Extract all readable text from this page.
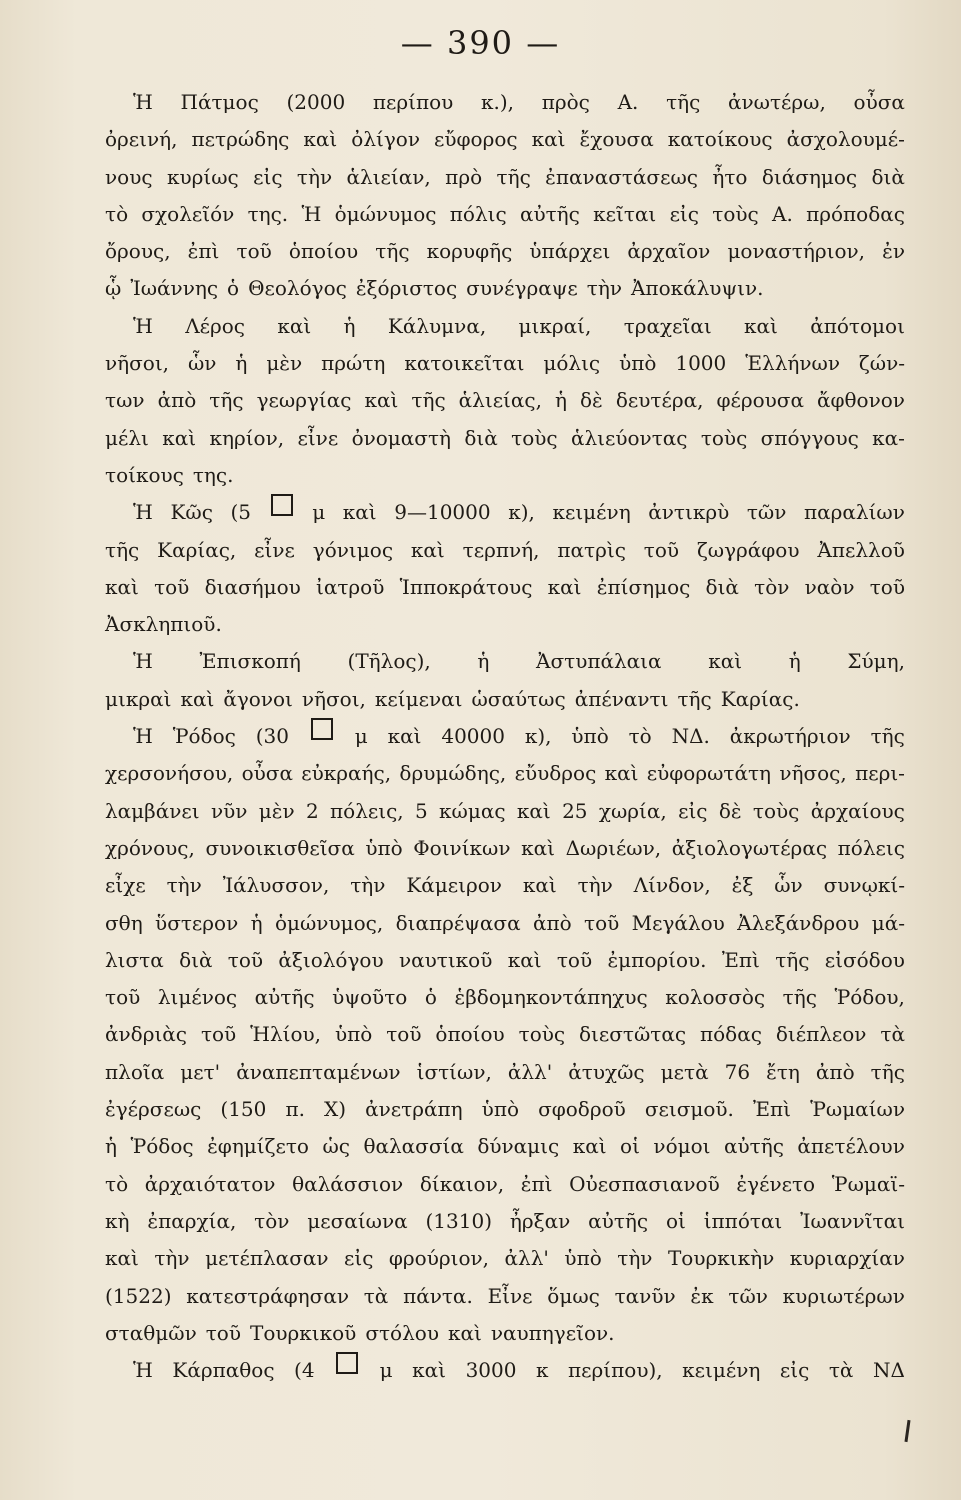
— 390 —
Ἡ Πάτμος (2000 περίπου κ.), πρὸς Α. τῆς ἀνωτέρω, οὖσα
ὀρεινή, πετρώδης καὶ ὀλίγον εὔφορος καὶ ἔχουσα κατοίκους ἀσχολουμέ-
νους κυρίως εἰς τὴν ἁλιείαν, πρὸ τῆς ἐπαναστάσεως ἦτο διάσημος διὰ
τὸ σχολεῖόν της. Ἡ ὁμώνυμος πόλις αὐτῆς κεῖται εἰς τοὺς Α. πρόποδας
ὄρους, ἐπὶ τοῦ ὁποίου τῆς κορυφῆς ὑπάρχει ἀρχαῖον μοναστήριον, ἐν
ᾧ Ἰωάννης ὁ Θεολόγος ἐξόριστος συνέγραψε τὴν Ἀποκάλυψιν.
Ἡ Λέρος καὶ ἡ Κάλυμνα, μικραί, τραχεῖαι καὶ ἀπότομοι
νῆσοι, ὧν ἡ μὲν πρώτη κατοικεῖται μόλις ὑπὸ 1000 Ἑλλήνων ζών-
των ἀπὸ τῆς γεωργίας καὶ τῆς ἁλιείας, ἡ δὲ δευτέρα, φέρουσα ἄφθονον
μέλι καὶ κηρίον, εἶνε ὀνομαστὴ διὰ τοὺς ἁλιεύοντας τοὺς σπόγγους κα-
τοίκους της.
Ἡ Κῶς (5	μ καὶ 9—10000 κ), κειμένη ἀντικρὺ τῶν παραλίων
τῆς Καρίας, εἶνε γόνιμος καὶ τερπνή, πατρὶς τοῦ ζωγράφου Ἀπελλοῦ
καὶ τοῦ διασήμου ἰατροῦ Ἱπποκράτους καὶ ἐπίσημος διὰ τὸν ναὸν τοῦ
Ἀσκληπιοῦ.
Ἡ Ἐπισκοπή (Τῆλος), ἡ Ἀστυπάλαια καὶ ἡ Σύμη,
μικραὶ καὶ ἄγονοι νῆσοι, κείμεναι ὡσαύτως ἀπέναντι τῆς Καρίας.
Ἡ Ῥόδος (30	μ καὶ 40000 κ), ὑπὸ τὸ ΝΔ. ἀκρωτήριον τῆς
χερσονήσου, οὖσα εὐκραής, δρυμώδης, εὔυδρος καὶ εὐφορωτάτη νῆσος, περι-
λαμβάνει νῦν μὲν 2 πόλεις, 5 κώμας καὶ 25 χωρία, εἰς δὲ τοὺς ἀρχαίους
χρόνους, συνοικισθεῖσα ὑπὸ Φοινίκων καὶ Δωριέων, ἀξιολογωτέρας πόλεις
εἶχε τὴν Ἰάλυσσον, τὴν Κάμειρον καὶ τὴν Λίνδον, ἐξ ὧν συνῳκί-
σθη ὕστερον ἡ ὁμώνυμος, διαπρέψασα ἀπὸ τοῦ Μεγάλου Ἀλεξάνδρου μά-
λιστα διὰ τοῦ ἀξιολόγου ναυτικοῦ καὶ τοῦ ἐμπορίου. Ἐπὶ τῆς εἰσόδου
τοῦ λιμένος αὐτῆς ὑψοῦτο ὁ ἑβδομηκοντάπηχυς κολοσσὸς τῆς Ῥόδου,
ἀνδριὰς τοῦ Ἡλίου, ὑπὸ τοῦ ὁποίου τοὺς διεστῶτας πόδας διέπλεον τὰ
πλοῖα μετ' ἀναπεπταμένων ἱστίων, ἀλλ' ἀτυχῶς μετὰ 76 ἔτη ἀπὸ τῆς
ἐγέρσεως (150 π. Χ) ἀνετράπη ὑπὸ σφοδροῦ σεισμοῦ. Ἐπὶ Ῥωμαίων
ἡ Ῥόδος ἐφημίζετο ὡς θαλασσία δύναμις καὶ οἱ νόμοι αὐτῆς ἀπετέλουν
τὸ ἀρχαιότατον θαλάσσιον δίκαιον, ἐπὶ Οὐεσπασιανοῦ ἐγένετο Ῥωμαϊ-
κὴ ἐπαρχία, τὸν μεσαίωνα (1310) ἦρξαν αὐτῆς οἱ ἱππόται Ἰωαννῖται
καὶ τὴν μετέπλασαν εἰς φρούριον, ἀλλ' ὑπὸ τὴν Τουρκικὴν κυριαρχίαν
(1522) κατεστράφησαν τὰ πάντα. Εἶνε ὅμως τανῦν ἐκ τῶν κυριωτέρων
σταθμῶν τοῦ Τουρκικοῦ στόλου καὶ ναυπηγεῖον.
Ἡ Κάρπαθος (4	μ καὶ 3000 κ περίπου), κειμένη εἰς τὰ ΝΔ
